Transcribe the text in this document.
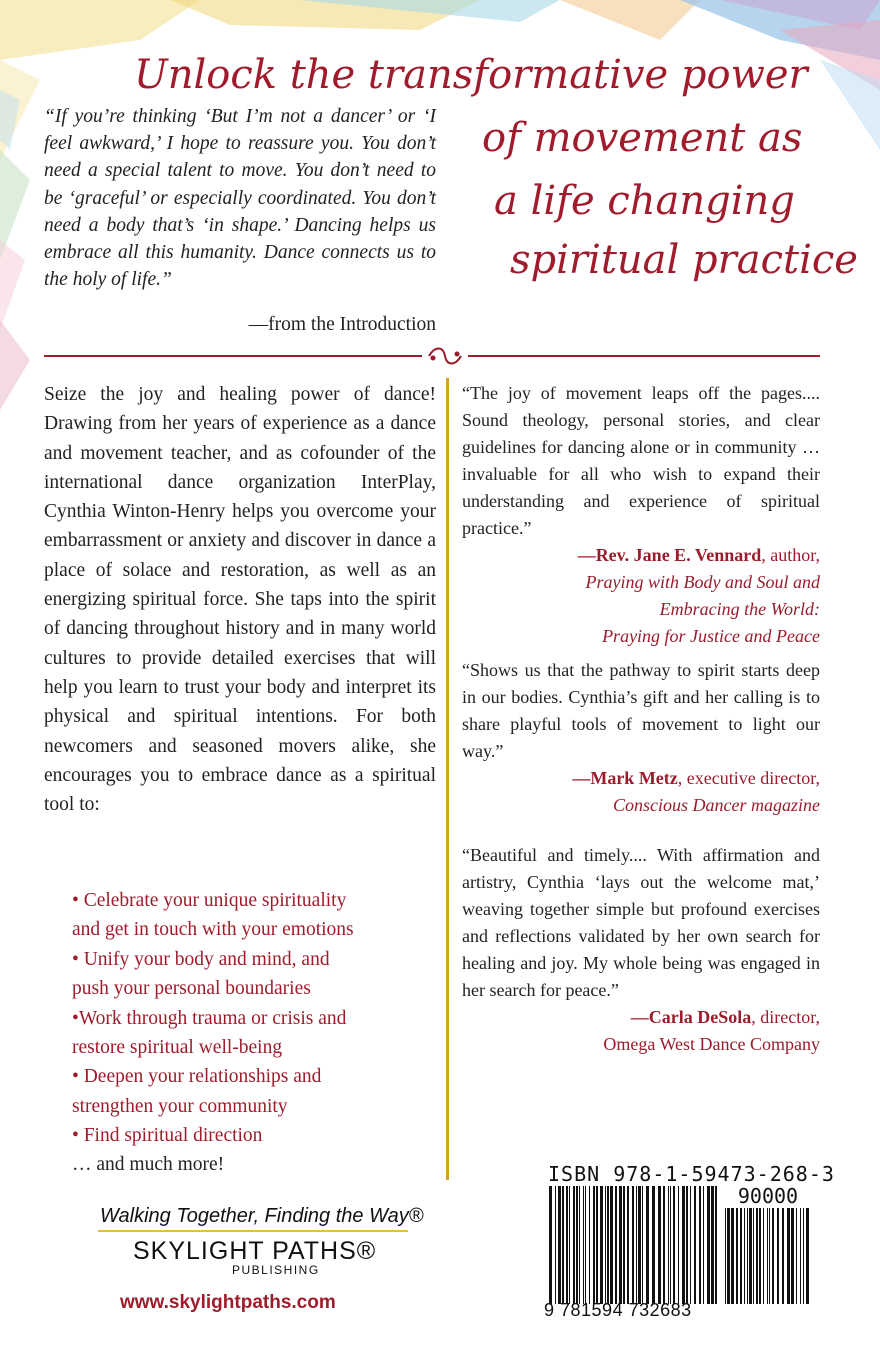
Unlock the transformative power
of movement as
a life changing
spiritual practice
“If you’re thinking ‘But I’m not a dancer’ or ‘I feel awkward,’ I hope to reassure you. You don’t need a special talent to move. You don’t need to be ‘graceful’ or especially coordinated. You don’t need a body that’s ‘in shape.’ Dancing helps us embrace all this humanity. Dance connects us to the holy of life.”
—from the Introduction
Seize the joy and healing power of dance! Drawing from her years of experience as a dance and movement teacher, and as cofounder of the international dance organization InterPlay, Cynthia Winton-Henry helps you overcome your embarrassment or anxiety and discover in dance a place of solace and restoration, as well as an energizing spiritual force. She taps into the spirit of dancing throughout history and in many world cultures to provide detailed exercises that will help you learn to trust your body and interpret its physical and spiritual intentions. For both newcomers and seasoned movers alike, she encourages you to embrace dance as a spiritual tool to:
• Celebrate your unique spirituality
and get in touch with your emotions
• Unify your body and mind, and
push your personal boundaries
•Work through trauma or crisis and
restore spiritual well-being
• Deepen your relationships and
strengthen your community
• Find spiritual direction
… and much more!
“The joy of movement leaps off the pages.... Sound theology, personal stories, and clear guidelines for dancing alone or in community … invaluable for all who wish to expand their understanding and experience of spiritual practice.”
—Rev. Jane E. Vennard, author,
Praying with Body and Soul and
Embracing the World:
Praying for Justice and Peace
“Shows us that the pathway to spirit starts deep in our bodies. Cynthia’s gift and her calling is to share playful tools of movement to light our way.”
—Mark Metz, executive director,
Conscious Dancer magazine
“Beautiful and timely.... With affirmation and artistry, Cynthia ‘lays out the welcome mat,’ weaving together simple but profound exercises and reflections validated by her own search for healing and joy. My whole being was engaged in her search for peace.”
—Carla DeSola, director,
Omega West Dance Company
Walking Together, Finding the Way®
SKYLIGHT PATHS®
PUBLISHING
www.skylightpaths.com
ISBN 978-1-59473-268-3
90000
9 781594 732683
